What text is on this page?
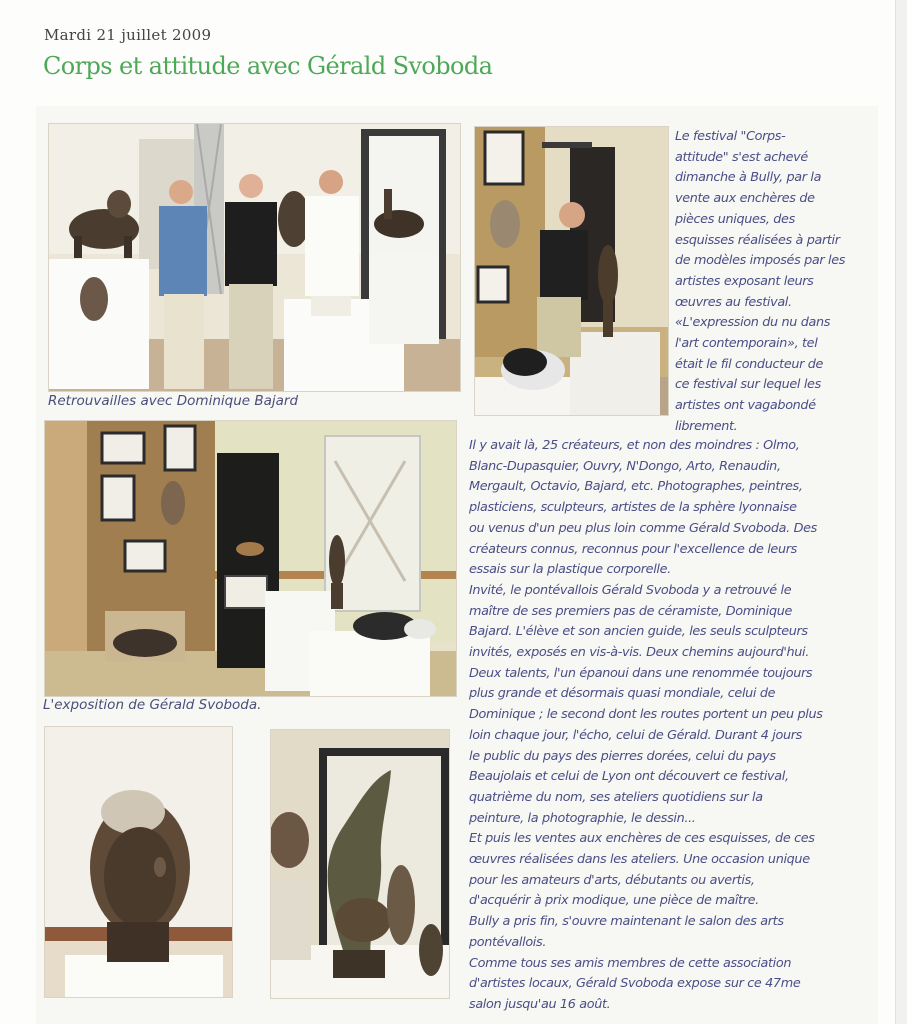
Mardi 21 juillet 2009
Corps et attitude avec Gérald Svoboda
Retrouvailles avec Dominique Bajard
L'exposition de Gérald Svoboda.

Le festival "Corps-

attitude" s'est achevé

dimanche à Bully, par la

vente aux enchères de

pièces uniques, des

esquisses réalisées à partir

de modèles imposés par les

artistes exposant leurs

œuvres au festival.

«L'expression du nu dans

l'art contemporain», tel

était le fil conducteur de

ce festival sur lequel les

artistes ont vagabondé

librement.

Il y avait là, 25 créateurs, et non des moindres : Olmo,

Blanc-Dupasquier, Ouvry, N'Dongo, Arto, Renaudin,

Mergault, Octavio, Bajard, etc. Photographes, peintres,

plasticiens, sculpteurs, artistes de la sphère lyonnaise

ou venus d'un peu plus loin comme Gérald Svoboda. Des

créateurs connus, reconnus pour l'excellence de leurs

essais sur la plastique corporelle.

Invité, le pontévallois Gérald Svoboda y a retrouvé le

maître de ses premiers pas de céramiste, Dominique

Bajard. L'élève et son ancien guide, les seuls sculpteurs

invités, exposés en vis-à-vis. Deux chemins aujourd'hui.

Deux talents, l'un épanoui dans une renommée toujours

plus grande et désormais quasi mondiale, celui de

Dominique ; le second dont les routes portent un peu plus

loin chaque jour, l'écho, celui de Gérald. Durant 4 jours

le public du pays des pierres dorées, celui du pays

Beaujolais et celui de Lyon ont découvert ce festival,

quatrième du nom, ses ateliers quotidiens sur la

peinture, la photographie, le dessin...

Et puis les ventes aux enchères de ces esquisses, de ces

œuvres réalisées dans les ateliers. Une occasion unique

pour les amateurs d'arts, débutants ou avertis,

d'acquérir à prix modique, une pièce de maître.

Bully a pris fin, s'ouvre maintenant le salon des arts

pontévallois.

Comme tous ses amis membres de cette association

d'artistes locaux, Gérald Svoboda expose sur ce 47me

salon jusqu'au 16 août.
